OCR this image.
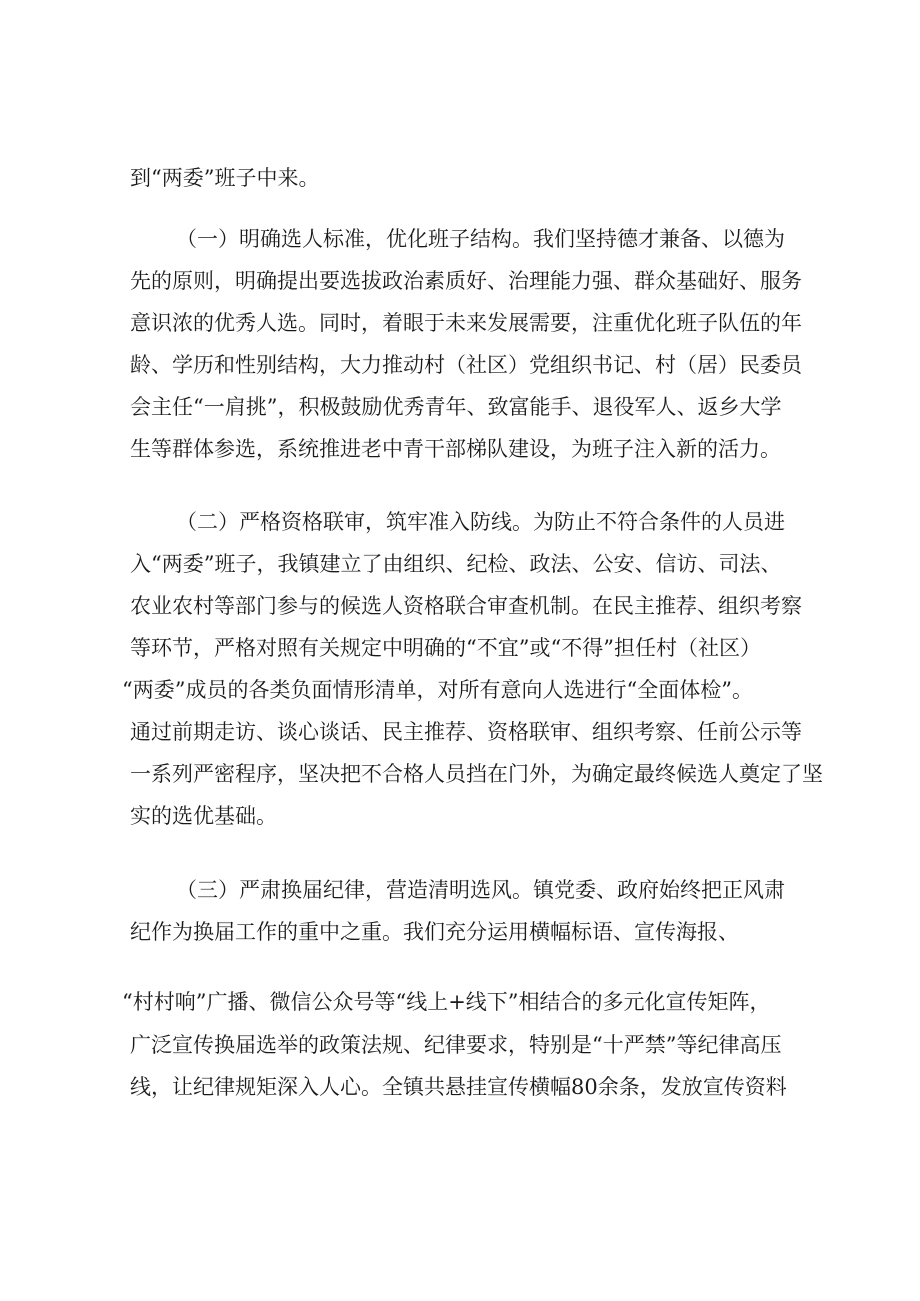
到“两委”班子中来。

（一）明确选人标准，优化班子结构。我们坚持德才兼备、以德为

先的原则，明确提出要选拔政治素质好、治理能力强、群众基础好、服务

意识浓的优秀人选。同时，着眼于未来发展需要，注重优化班子队伍的年

龄、学历和性别结构，大力推动村（社区）党组织书记、村（居）民委员

会主任“一肩挑”，积极鼓励优秀青年、致富能手、退役军人、返乡大学

生等群体参选，系统推进老中青干部梯队建设，为班子注入新的活力。

（二）严格资格联审，筑牢准入防线。为防止不符合条件的人员进

入“两委”班子，我镇建立了由组织、纪检、政法、公安、信访、司法、

农业农村等部门参与的候选人资格联合审查机制。在民主推荐、组织考察

等环节，严格对照有关规定中明确的“不宜”或“不得”担任村（社区）

“两委”成员的各类负面情形清单，对所有意向人选进行“全面体检”。

通过前期走访、谈心谈话、民主推荐、资格联审、组织考察、任前公示等

一系列严密程序，坚决把不合格人员挡在门外，为确定最终候选人奠定了坚

实的选优基础。

（三）严肃换届纪律，营造清明选风。镇党委、政府始终把正风肃

纪作为换届工作的重中之重。我们充分运用横幅标语、宣传海报、

“村村响”广播、微信公众号等“线上+线下”相结合的多元化宣传矩阵，

广泛宣传换届选举的政策法规、纪律要求，特别是“十严禁”等纪律高压

线，让纪律规矩深入人心。全镇共悬挂宣传横幅80余条，发放宣传资料
